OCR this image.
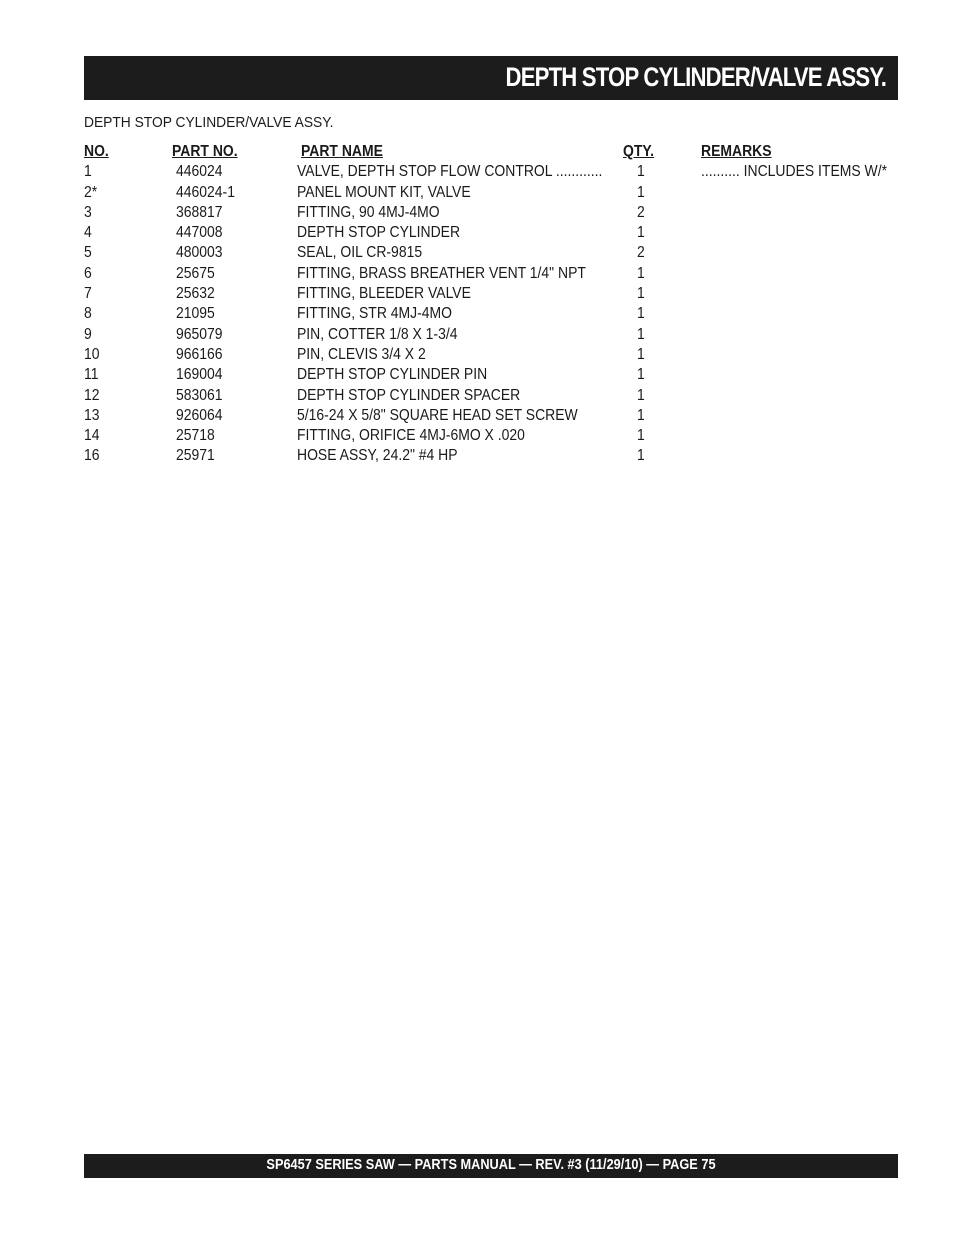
DEPTH STOP CYLINDER/VALVE ASSY.
DEPTH STOP CYLINDER/VALVE ASSY.
NO.	PART NO.	PART NAME	QTY.	REMARKS
1	446024	VALVE, DEPTH STOP FLOW CONTROL ............ 1	.......... INCLUDES ITEMS W/*
2*	446024-1	PANEL MOUNT KIT, VALVE	1
3	368817	FITTING, 90 4MJ-4MO	2
4	447008	DEPTH STOP CYLINDER	1
5	480003	SEAL, OIL CR-9815	2
6	25675	FITTING, BRASS BREATHER VENT 1/4" NPT	1
7	25632	FITTING, BLEEDER VALVE	1
8	21095	FITTING, STR 4MJ-4MO	1
9	965079	PIN, COTTER 1/8 X 1-3/4	1
10	966166	PIN, CLEVIS 3/4 X 2	1
11	169004	DEPTH STOP CYLINDER PIN	1
12	583061	DEPTH STOP CYLINDER SPACER	1
13	926064	5/16-24 X 5/8" SQUARE HEAD SET SCREW	1
14	25718	FITTING, ORIFICE 4MJ-6MO X .020	1
16	25971	HOSE ASSY, 24.2" #4 HP	1
SP6457 SERIES SAW — PARTS MANUAL — REV. #3 (11/29/10) — PAGE 75
